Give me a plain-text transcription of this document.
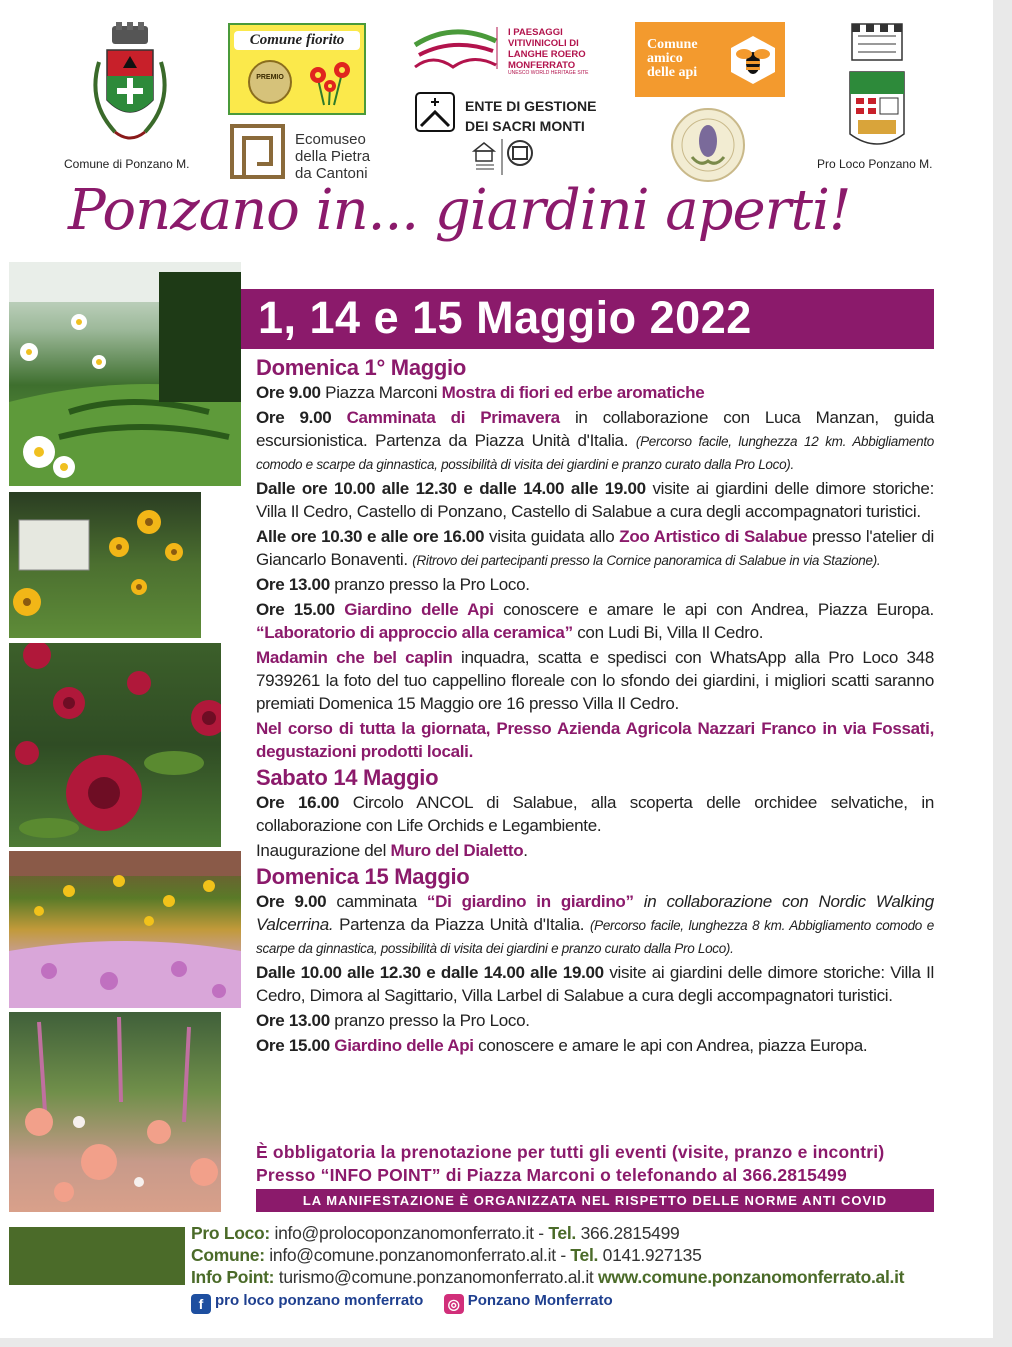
Comune di Ponzano M.
Comune fiorito
PREMIO
Ecomuseo
della Pietra
da Cantoni
I PAESAGGI
VITIVINICOLI DI
LANGHE ROERO
MONFERRATO
UNESCO WORLD HERITAGE SITE
ENTE DI GESTIONE
DEI SACRI MONTI
Comune
amico
delle api
Pro Loco Ponzano M.
Ponzano in... giardini aperti!
1, 14 e 15 Maggio 2022
Domenica 1° Maggio
Ore 9.00 Piazza Marconi Mostra di fiori ed erbe aromatiche
Ore 9.00 Camminata di Primavera in collaborazione con Luca Manzan, guida escursionistica. Partenza da Piazza Unità d'Italia. (Percorso facile, lunghezza 12 km. Abbigliamento comodo e scarpe da ginnastica, possibilità di visita dei giardini e pranzo curato dalla Pro Loco).
Dalle ore 10.00 alle 12.30 e dalle 14.00 alle 19.00 visite ai giardini delle dimore storiche: Villa Il Cedro, Castello di Ponzano, Castello di Salabue a cura degli accompagnatori turistici.
Alle ore 10.30 e alle ore 16.00 visita guidata allo Zoo Artistico di Salabue presso l'atelier di Giancarlo Bonaventi. (Ritrovo dei partecipanti presso la Cornice panoramica di Salabue in via Stazione).
Ore 13.00 pranzo presso la Pro Loco.
Ore 15.00 Giardino delle Api conoscere e amare le api con Andrea, Piazza Europa. “Laboratorio di approccio alla ceramica” con Ludi Bi, Villa Il Cedro.
Madamin che bel caplin inquadra, scatta e spedisci con WhatsApp alla Pro Loco 348 7939261 la foto del tuo cappellino floreale con lo sfondo dei giardini, i migliori scatti saranno premiati Domenica 15 Maggio ore 16 presso Villa Il Cedro.
Nel corso di tutta la giornata, Presso Azienda Agricola Nazzari Franco in via Fossati, degustazioni prodotti locali.
Sabato 14 Maggio
Ore 16.00 Circolo ANCOL di Salabue, alla scoperta delle orchidee selvatiche, in collaborazione con Life Orchids e Legambiente.
Inaugurazione del Muro del Dialetto.
Domenica 15 Maggio
Ore 9.00 camminata “Di giardino in giardino” in collaborazione con Nordic Walking Valcerrina. Partenza da Piazza Unità d'Italia. (Percorso facile, lunghezza 8 km. Abbigliamento comodo e scarpe da ginnastica, possibilità di visita dei giardini e pranzo curato dalla Pro Loco).
Dalle 10.00 alle 12.30 e dalle 14.00 alle 19.00 visite ai giardini delle dimore storiche: Villa Il Cedro, Dimora al Sagittario, Villa Larbel di Salabue a cura degli accompagnatori turistici.
Ore 13.00 pranzo presso la Pro Loco.
Ore 15.00 Giardino delle Api conoscere e amare le api con Andrea, piazza Europa.
È obbligatoria la prenotazione per tutti gli eventi (visite, pranzo e incontri)
Presso “INFO POINT” di Piazza Marconi o telefonando al 366.2815499
LA MANIFESTAZIONE È ORGANIZZATA NEL RISPETTO DELLE NORME ANTI COVID
Pro Loco: info@prolocoponzanomonferrato.it - Tel. 366.2815499
Comune: info@comune.ponzanomonferrato.al.it - Tel. 0141.927135
Info Point: turismo@comune.ponzanomonferrato.al.it www.comune.ponzanomonferrato.al.it
f pro loco ponzano monferrato ◎ Ponzano Monferrato
